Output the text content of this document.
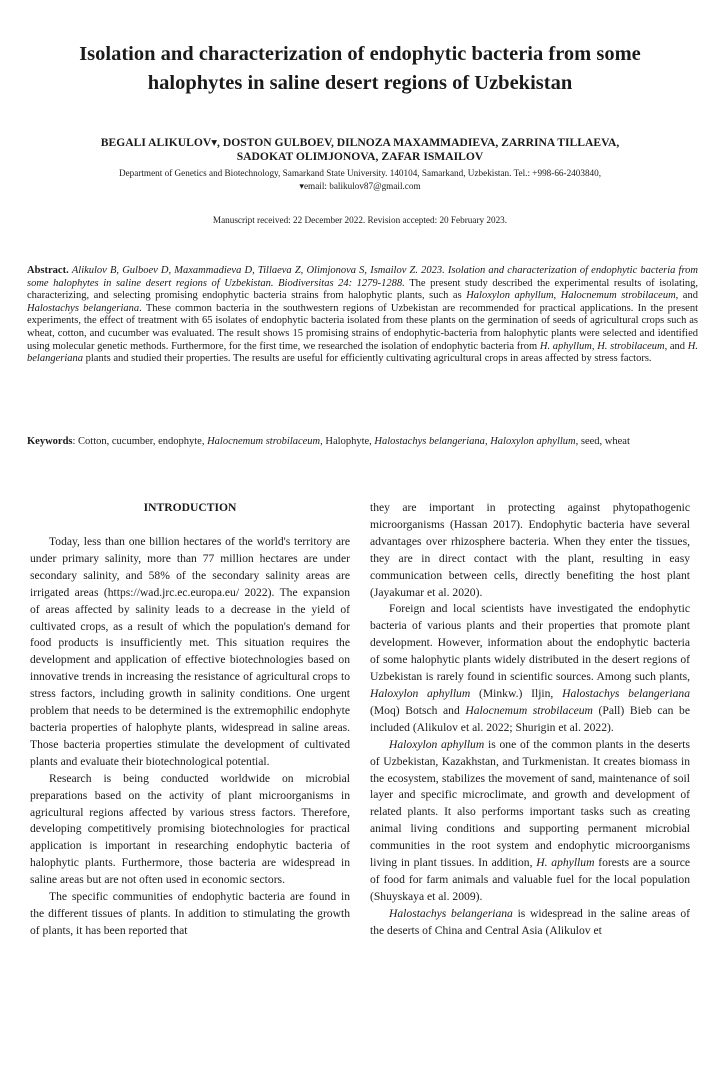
Isolation and characterization of endophytic bacteria from some halophytes in saline desert regions of Uzbekistan
BEGALI ALIKULOV▾, DOSTON GULBOEV, DILNOZA MAXAMMADIEVA, ZARRINA TILLAEVA,
SADOKAT OLIMJONOVA, ZAFAR ISMAILOV
Department of Genetics and Biotechnology, Samarkand State University. 140104, Samarkand, Uzbekistan. Tel.: +998-66-2403840,
▾email: balikulov87@gmail.com
Manuscript received: 22 December 2022. Revision accepted: 20 February 2023.

Abstract. Alikulov B, Gulboev D, Maxammadieva D, Tillaeva Z, Olimjonova S, Ismailov Z. 2023. Isolation and characterization of endophytic bacteria from some halophytes in saline desert regions of Uzbekistan. Biodiversitas 24: 1279-1288. The present study described the experimental results of isolating, characterizing, and selecting promising endophytic bacteria strains from halophytic plants, such as Haloxylon aphyllum, Halocnemum strobilaceum, and Halostachys belangeriana. These common bacteria in the southwestern regions of Uzbekistan are recommended for practical applications. In the present experiments, the effect of treatment with 65 isolates of endophytic bacteria isolated from these plants on the germination of seeds of agricultural crops such as wheat, cotton, and cucumber was evaluated. The result shows 15 promising strains of endophytic-bacteria from halophytic plants were selected and identified using molecular genetic methods. Furthermore, for the first time, we researched the isolation of endophytic bacteria from H. aphyllum, H. strobilaceum, and H. belangeriana plants and studied their properties. The results are useful for efficiently cultivating agricultural crops in areas affected by stress factors.

Keywords: Cotton, cucumber, endophyte, Halocnemum strobilaceum, Halophyte, Halostachys belangeriana, Haloxylon aphyllum, seed, wheat

INTRODUCTION

Today, less than one billion hectares of the world's territory are under primary salinity, more than 77 million hectares are under secondary salinity, and 58% of the secondary salinity areas are irrigated areas (https://wad.jrc.ec.europa.eu/ 2022). The expansion of areas affected by salinity leads to a decrease in the yield of cultivated crops, as a result of which the population's demand for food products is insufficiently met. This situation requires the development and application of effective biotechnologies based on innovative trends in increasing the resistance of agricultural crops to stress factors, including growth in salinity conditions. One urgent problem that needs to be determined is the extremophilic endophyte bacteria properties of halophyte plants, widespread in saline areas. Those bacteria properties stimulate the development of cultivated plants and evaluate their biotechnological potential.

Research is being conducted worldwide on microbial preparations based on the activity of plant microorganisms in agricultural regions affected by various stress factors. Therefore, developing competitively promising biotechnologies for practical application is important in researching endophytic bacteria of halophytic plants. Furthermore, those bacteria are widespread in saline areas but are not often used in economic sectors.

The specific communities of endophytic bacteria are found in the different tissues of plants. In addition to stimulating the growth of plants, it has been reported that

they are important in protecting against phytopathogenic microorganisms (Hassan 2017). Endophytic bacteria have several advantages over rhizosphere bacteria. When they enter the tissues, they are in direct contact with the plant, resulting in easy communication between cells, directly benefiting the host plant (Jayakumar et al. 2020).

Foreign and local scientists have investigated the endophytic bacteria of various plants and their properties that promote plant development. However, information about the endophytic bacteria of some halophytic plants widely distributed in the desert regions of Uzbekistan is rarely found in scientific sources. Among such plants, Haloxylon aphyllum (Minkw.) Iljin, Halostachys belangeriana (Moq) Botsch and Halocnemum strobilaceum (Pall) Bieb can be included (Alikulov et al. 2022; Shurigin et al. 2022).

Haloxylon aphyllum is one of the common plants in the deserts of Uzbekistan, Kazakhstan, and Turkmenistan. It creates biomass in the ecosystem, stabilizes the movement of sand, maintenance of soil layer and specific microclimate, and growth and development of related plants. It also performs important tasks such as creating animal living conditions and supporting permanent microbial communities in the root system and endophytic microorganisms living in plant tissues. In addition, H. aphyllum forests are a source of food for farm animals and valuable fuel for the local population (Shuyskaya et al. 2009).

Halostachys belangeriana is widespread in the saline areas of the deserts of China and Central Asia (Alikulov et
